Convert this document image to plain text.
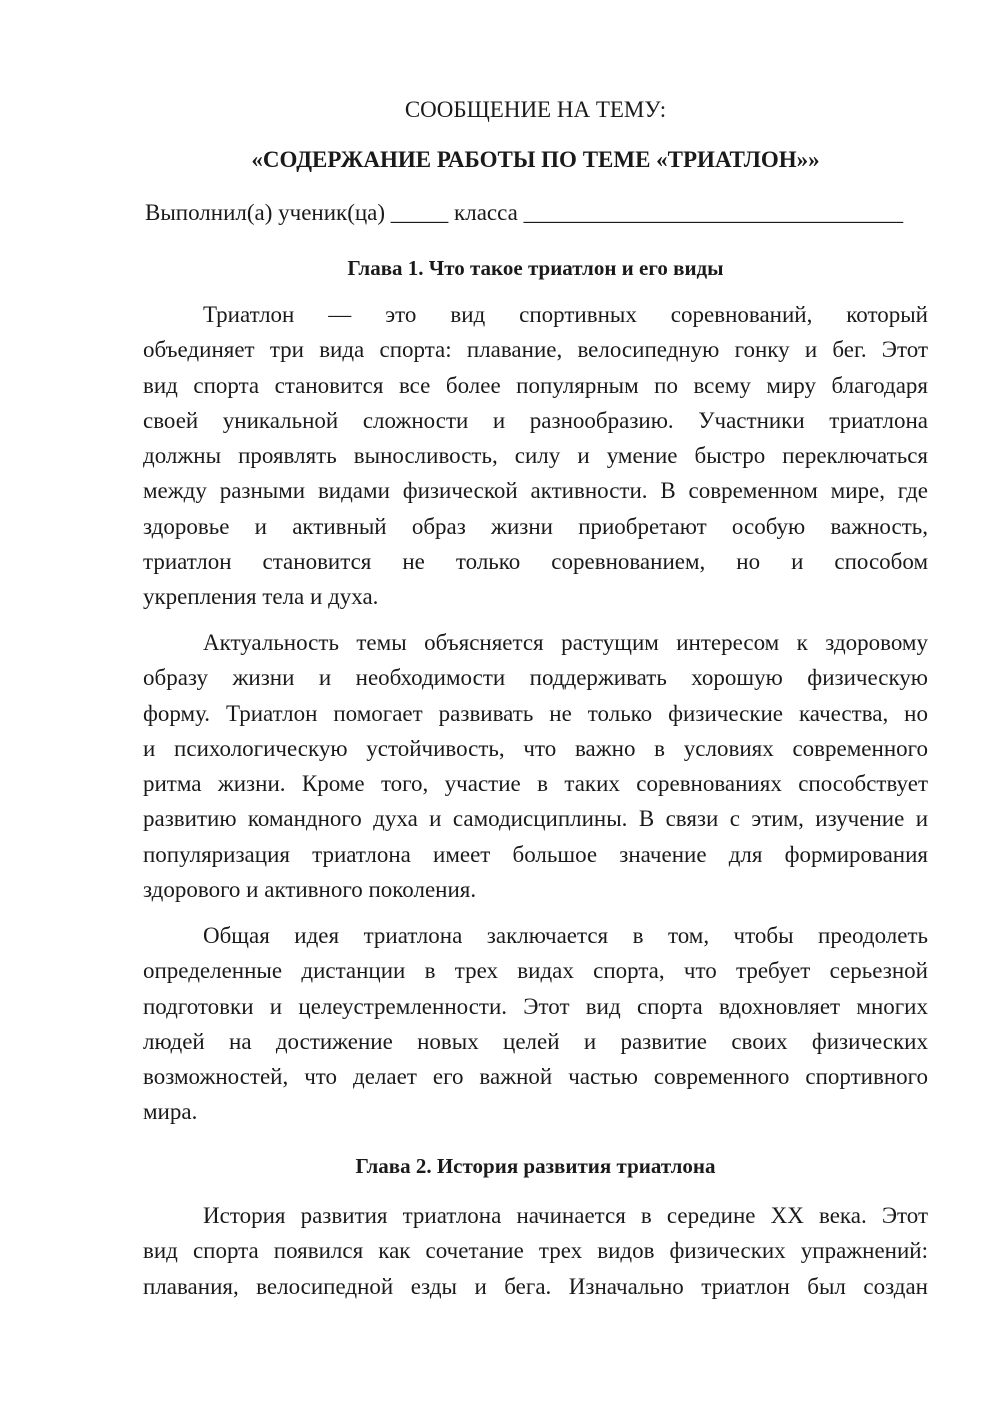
СООБЩЕНИЕ НА ТЕМУ:
«СОДЕРЖАНИЕ РАБОТЫ ПО ТЕМЕ «ТРИАТЛОН»»
Выполнил(а) ученик(ца) _____ класса _________________________________
Глава 1. Что такое триатлон и его виды
Триатлон — это вид спортивных соревнований, который
объединяет три вида спорта: плавание, велосипедную гонку и бег. Этот
вид спорта становится все более популярным по всему миру благодаря
своей уникальной сложности и разнообразию. Участники триатлона
должны проявлять выносливость, силу и умение быстро переключаться
между разными видами физической активности. В современном мире, где
здоровье и активный образ жизни приобретают особую важность,
триатлон становится не только соревнованием, но и способом
укрепления тела и духа.
Актуальность темы объясняется растущим интересом к здоровому
образу жизни и необходимости поддерживать хорошую физическую
форму. Триатлон помогает развивать не только физические качества, но
и психологическую устойчивость, что важно в условиях современного
ритма жизни. Кроме того, участие в таких соревнованиях способствует
развитию командного духа и самодисциплины. В связи с этим, изучение и
популяризация триатлона имеет большое значение для формирования
здорового и активного поколения.
Общая идея триатлона заключается в том, чтобы преодолеть
определенные дистанции в трех видах спорта, что требует серьезной
подготовки и целеустремленности. Этот вид спорта вдохновляет многих
людей на достижение новых целей и развитие своих физических
возможностей, что делает его важной частью современного спортивного
мира.
Глава 2. История развития триатлона
История развития триатлона начинается в середине XX века. Этот
вид спорта появился как сочетание трех видов физических упражнений:
плавания, велосипедной езды и бега. Изначально триатлон был создан
